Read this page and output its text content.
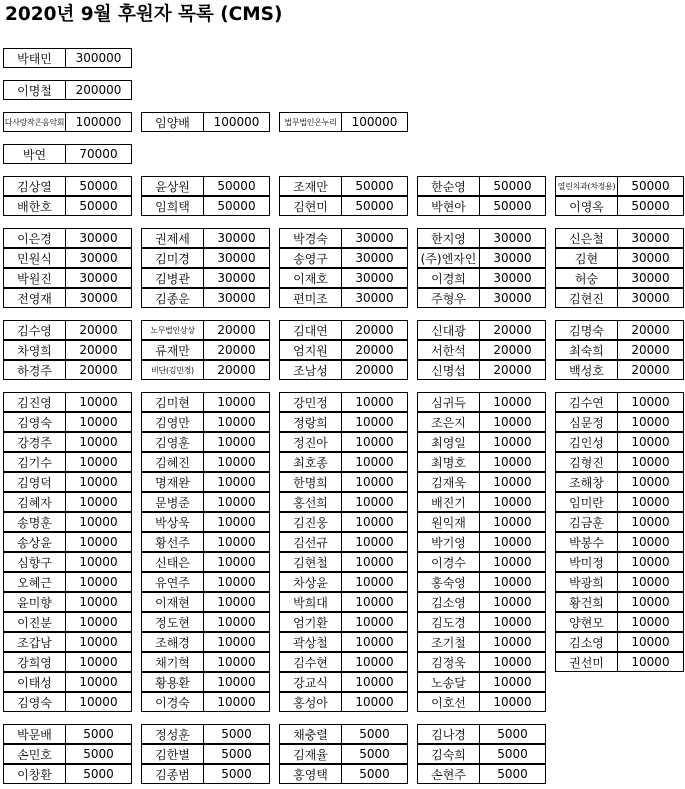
2020년 9월 후원자 목록 (CMS)
박태민	300000
이명철	200000
박연	70000
다사랑작은음악회 100000	임양배	100000	법무법인온누리	100000
김상열	50000
배한호	50000
윤상원	50000
임희택	50000
조재만	50000
김현미	50000
한순영	50000
박현아	50000
열린치과(차정용)	50000
이영옥	50000
이은경	30000
민원식	30000
박원진	30000
전영재	30000
권제세	30000
김미경	30000
김병관	30000
김종운	30000
박경숙	30000
송영구	30000
이재호	30000
편미조	30000
한지영	30000
(주)엔자인	30000
이경희	30000
주형우	30000
신은철	30000
김현	30000
허숭	30000
김현진	30000
김수영	20000
차영희	20000
하경주	20000
노무법인상상	20000
류재만	20000
비단(김민경)	20000
김대연	20000
엄지원	20000
조남성	20000
신대광	20000
서한석	20000
신명섭	20000
김명숙	20000
최숙희	20000
백성호	20000
김진영	10000
김영숙	10000
강경주	10000
김기수	10000
김영덕	10000
김혜자	10000
송명훈	10000
송상윤	10000
심향구	10000
오혜근	10000
윤미향	10000
이진분	10000
조갑남	10000
강희영	10000
이태성	10000
김영숙	10000
김미현	10000
김영만	10000
김영훈	10000
김혜진	10000
명재완	10000
문병준	10000
박상욱	10000
황선주	10000
신태은	10000
유연주	10000
이재현	10000
정도현	10000
조해경	10000
채기혁	10000
황용환	10000
이경숙	10000
강민정	10000
정랑희	10000
정진아	10000
최호종	10000
한명희	10000
홍선희	10000
김진웅	10000
김선규	10000
김현철	10000
차상윤	10000
박희대	10000
엄기환	10000
곽상철	10000
김수현	10000
강교식	10000
홍성아	10000
심귀득	10000
조은지	10000
최영일	10000
최명호	10000
김재욱	10000
배진기	10000
원익재	10000
박기영	10000
이경수	10000
홍숙영	10000
김소영	10000
김도경	10000
조기철	10000
김정욱	10000
노송달	10000
이호선	10000
김수연	10000
심문정	10000
김인성	10000
김형진	10000
조해창	10000
임미란	10000
김금훈	10000
박봉수	10000
박미정	10000
박광희	10000
황건희	10000
양현모	10000
김소영	10000
권선미	10000
박문배	5000
손민호	5000
이창환	5000
정성훈	5000
김한별	5000
김종범	5000
채충렬	5000
김재율	5000
홍영택	5000
김나경	5000
김숙희	5000
손현주	5000
